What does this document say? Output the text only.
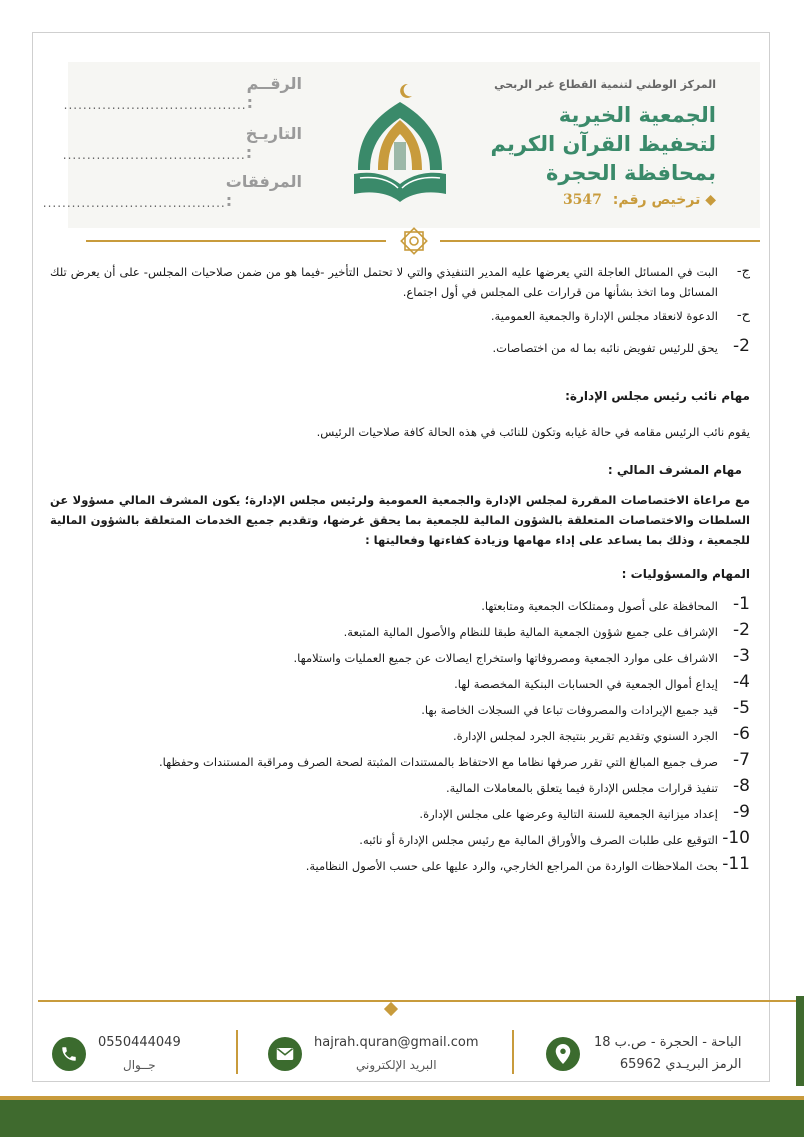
الرقــم :
......................................
التاريـخ :
......................................
المرفقات :
......................................
المركز الوطني لتنمية القطاع غير الربحي
الجمعية الخيرية
لتحفيظ القرآن الكريم
بمحافظة الحجرة
◆ ترخيص رقم: 3547
ج-
البت في المسائل العاجلة التي يعرضها عليه المدير التنفيذي والتي لا تحتمل التأخير -فيما هو من ضمن صلاحيات المجلس- على أن يعرض تلك المسائل وما اتخذ بشأنها من قرارات على المجلس في أول اجتماع.
ح-
الدعوة لانعقاد مجلس الإدارة والجمعية العمومية.
2-
يحق للرئيس تفويض نائبه بما له من اختصاصات.

مهام نائب رئيس مجلس الإدارة:

يقوم نائب الرئيس مقامه في حالة غيابه وتكون للنائب في هذه الحالة كافة صلاحيات الرئيس.

مهام المشرف المالي :

مع مراعاة الاختصاصات المقررة لمجلس الإدارة والجمعية العمومية ولرئيس مجلس الإدارة؛ يكون المشرف المالي مسؤولا عن السلطات والاختصاصات المتعلقة بالشؤون المالية للجمعية بما يحقق غرضها، وتقديم جميع الخدمات المتعلقة بالشؤون المالية للجمعية ، وذلك بما يساعد على إداء مهامها وزيادة كفاءتها وفعاليتها :

المهام والمسؤوليات :

1-
المحافظة على أصول وممتلكات الجمعية ومتابعتها.
2-
الإشراف على جميع شؤون الجمعية المالية طبقا للنظام والأصول المالية المتبعة.
3-
الاشراف على موارد الجمعية ومصروفاتها واستخراج ايصالات عن جميع العمليات واستلامها.
4-
إيداع أموال الجمعية في الحسابات البنكية المخصصة لها.
5-
قيد جميع الإيرادات والمصروفات تباعا في السجلات الخاصة بها.
6-
الجرد السنوي وتقديم تقرير بنتيجة الجرد لمجلس الإدارة.
7-
صرف جميع المبالغ التي تقرر صرفها نظاما مع الاحتفاظ بالمستندات المثبتة لصحة الصرف ومراقبة المستندات وحفظها.
8-
تنفيذ قرارات مجلس الإدارة فيما يتعلق بالمعاملات المالية.
9-
إعداد ميزانية الجمعية للسنة التالية وعرضها على مجلس الإدارة.
10-
التوقيع على طلبات الصرف والأوراق المالية مع رئيس مجلس الإدارة أو نائبه.
11-
بحث الملاحظات الواردة من المراجع الخارجي، والرد عليها على حسب الأصول النظامية.
0550444049
جــوال
hajrah.quran@gmail.com
البريد الإلكتروني
الباحة - الحجرة - ص.ب 18
الرمز البريـدي 65962
